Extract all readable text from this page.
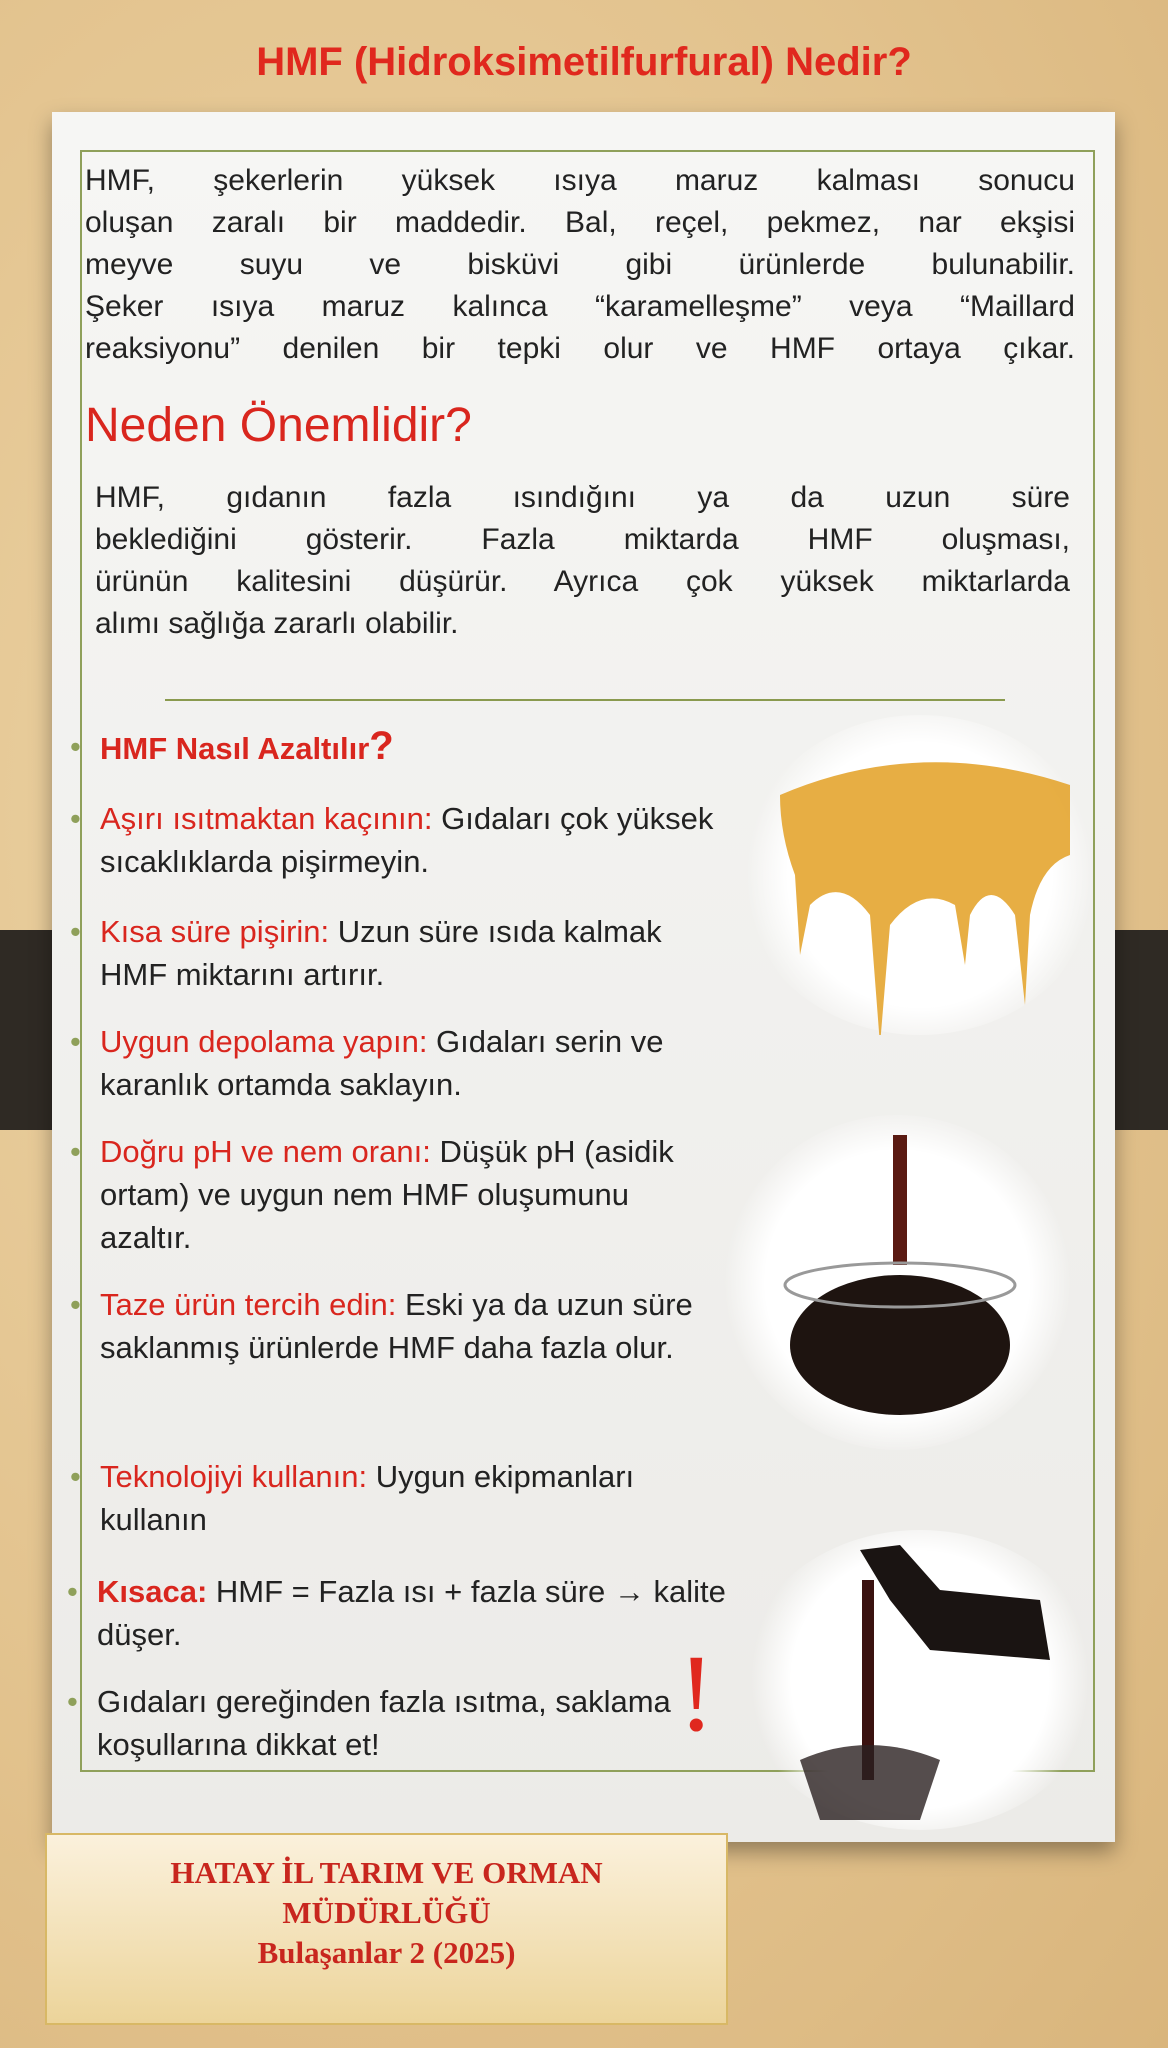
HMF (Hidroksimetilfurfural) Nedir?
HMF, şekerlerin yüksek ısıya maruz kalması sonucu
oluşan zaralı bir maddedir. Bal, reçel, pekmez, nar ekşisi
meyve suyu ve bisküvi gibi ürünlerde bulunabilir.
Şeker ısıya maruz kalınca “karamelleşme” veya “Maillard
reaksiyonu” denilen bir tepki olur ve HMF ortaya çıkar.
Neden Önemlidir?
HMF, gıdanın fazla ısındığını ya da uzun süre
beklediğini gösterir. Fazla miktarda HMF oluşması,
ürünün kalitesini düşürür. Ayrıca çok yüksek miktarlarda
alımı sağlığa zararlı olabilir.
• HMF Nasıl Azaltılır?
• Aşırı ısıtmaktan kaçının: Gıdaları çok yüksek sıcaklıklarda pişirmeyin.
• Kısa süre pişirin: Uzun süre ısıda kalmak HMF miktarını artırır.
• Uygun depolama yapın: Gıdaları serin ve karanlık ortamda saklayın.
• Doğru pH ve nem oranı: Düşük pH (asidik ortam) ve uygun nem HMF oluşumunu azaltır.
• Taze ürün tercih edin: Eski ya da uzun süre saklanmış ürünlerde HMF daha fazla olur.
• Teknolojiyi kullanın: Uygun ekipmanları kullanın
• Kısaca: HMF = Fazla ısı + fazla süre → kalite düşer.
• Gıdaları gereğinden fazla ısıtma, saklama koşullarına dikkat et!	!
HATAY İL TARIM VE ORMAN
MÜDÜRLÜĞÜ
Bulaşanlar 2 (2025)
